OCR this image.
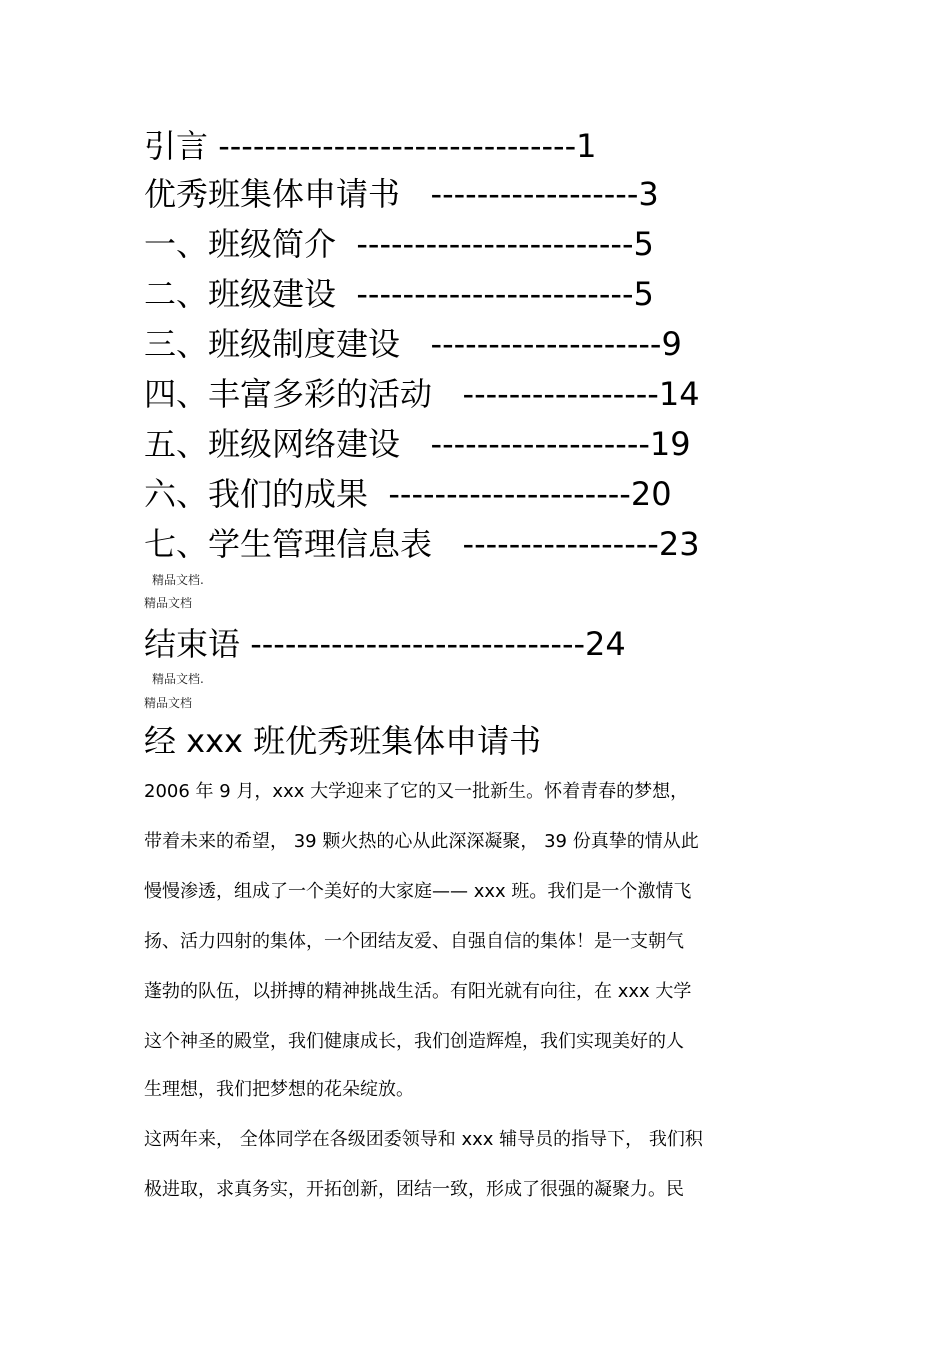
引言 -------------------------------1
优秀班集体申请书 ------------------3
一、班级简介 ------------------------5
二、班级建设 ------------------------5
三、班级制度建设 --------------------9
四、丰富多彩的活动 -----------------14
五、班级网络建设 -------------------19
六、我们的成果 ---------------------20
七、学生管理信息表 -----------------23
精品文档.
精品文档
结束语 -----------------------------24
精品文档.
精品文档
经 xxx 班优秀班集体申请书
2006 年 9 月，xxx 大学迎来了它的又一批新生。怀着青春的梦想，
带着未来的希望， 39 颗火热的心从此深深凝聚， 39 份真挚的情从此
慢慢渗透，组成了一个美好的大家庭—— xxx 班。我们是一个激情飞
扬、活力四射的集体，一个团结友爱、自强自信的集体！是一支朝气
蓬勃的队伍，以拼搏的精神挑战生活。有阳光就有向往，在 xxx 大学
这个神圣的殿堂，我们健康成长，我们创造辉煌，我们实现美好的人
生理想，我们把梦想的花朵绽放。
这两年来， 全体同学在各级团委领导和 xxx 辅导员的指导下， 我们积
极进取，求真务实，开拓创新，团结一致，形成了很强的凝聚力。民
